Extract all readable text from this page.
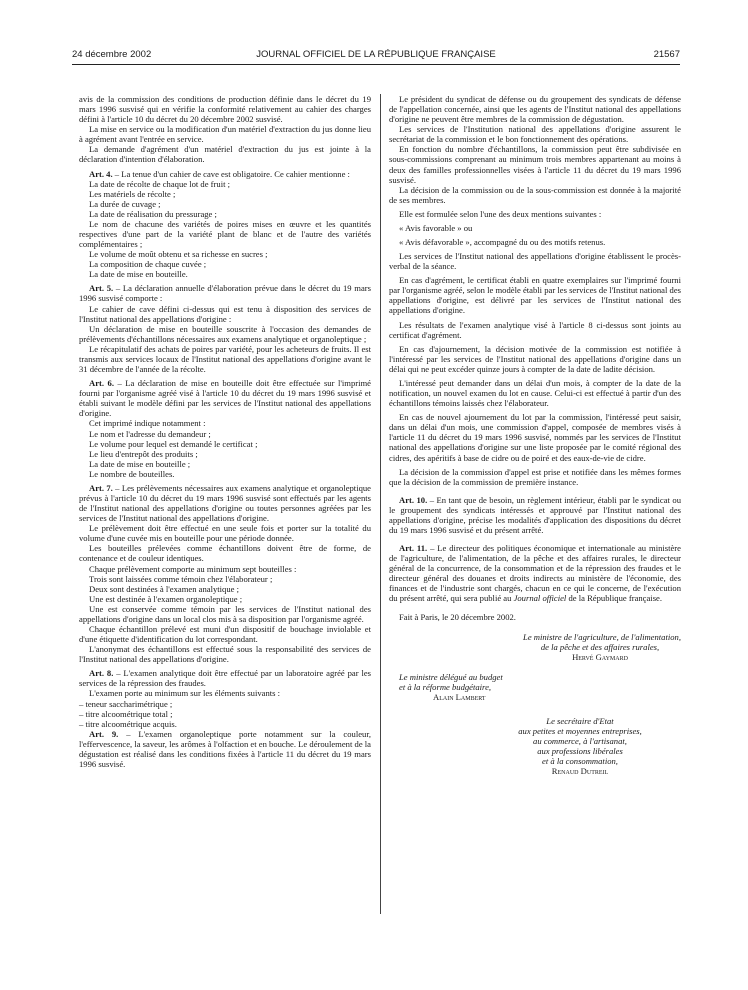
24 décembre 2002	JOURNAL OFFICIEL DE LA RÉPUBLIQUE FRANÇAISE	21567

avis de la commission des conditions de production définie dans le décret du 19 mars 1996 susvisé qui en vérifie la conformité relativement au cahier des charges défini à l'article 10 du décret du 20 décembre 2002 susvisé.

La mise en service ou la modification d'un matériel d'extraction du jus donne lieu à agrément avant l'entrée en service.

La demande d'agrément d'un matériel d'extraction du jus est jointe à la déclaration d'intention d'élaboration.

Art. 4. – La tenue d'un cahier de cave est obligatoire. Ce cahier mentionne :

La date de récolte de chaque lot de fruit ;

Les matériels de récolte ;

La durée de cuvage ;

La date de réalisation du pressurage ;

Le nom de chacune des variétés de poires mises en œuvre et les quantités respectives d'une part de la variété plant de blanc et de l'autre des variétés complémentaires ;

Le volume de moût obtenu et sa richesse en sucres ;

La composition de chaque cuvée ;

La date de mise en bouteille.

Art. 5. – La déclaration annuelle d'élaboration prévue dans le décret du 19 mars 1996 susvisé comporte :

Le cahier de cave défini ci-dessus qui est tenu à disposition des services de l'Institut national des appellations d'origine :

Un déclaration de mise en bouteille souscrite à l'occasion des demandes de prélèvements d'échantillons nécessaires aux examens analytique et organoleptique ;

Le récapitulatif des achats de poires par variété, pour les acheteurs de fruits. Il est transmis aux services locaux de l'Institut national des appellations d'origine avant le 31 décembre de l'année de la récolte.

Art. 6. – La déclaration de mise en bouteille doit être effectuée sur l'imprimé fourni par l'organisme agréé visé à l'article 10 du décret du 19 mars 1996 susvisé et établi suivant le modèle défini par les services de l'Institut national des appellations d'origine.

Cet imprimé indique notamment :

Le nom et l'adresse du demandeur ;

Le volume pour lequel est demandé le certificat ;

Le lieu d'entrepôt des produits ;

La date de mise en bouteille ;

Le nombre de bouteilles.

Art. 7. – Les prélèvements nécessaires aux examens analytique et organoleptique prévus à l'article 10 du décret du 19 mars 1996 susvisé sont effectués par les agents de l'Institut national des appellations d'origine ou toutes personnes agréées par les services de l'Institut national des appellations d'origine.

Le prélèvement doit être effectué en une seule fois et porter sur la totalité du volume d'une cuvée mis en bouteille pour une période donnée.

Les bouteilles prélevées comme échantillons doivent être de forme, de contenance et de couleur identiques.

Chaque prélèvement comporte au minimum sept bouteilles :

Trois sont laissées comme témoin chez l'élaborateur ;

Deux sont destinées à l'examen analytique ;

Une est destinée à l'examen organoleptique ;

Une est conservée comme témoin par les services de l'Institut national des appellations d'origine dans un local clos mis à sa disposition par l'organisme agréé.

Chaque échantillon prélevé est muni d'un dispositif de bouchage inviolable et d'une étiquette d'identification du lot correspondant.

L'anonymat des échantillons est effectué sous la responsabilité des services de l'Institut national des appellations d'origine.

Art. 8. – L'examen analytique doit être effectué par un laboratoire agréé par les services de la répression des fraudes.

L'examen porte au minimum sur les éléments suivants :

– teneur saccharimétrique ;

– titre alcoométrique total ;

– titre alcoométrique acquis.

Art. 9. – L'examen organoleptique porte notamment sur la couleur, l'effervescence, la saveur, les arômes à l'olfaction et en bouche. Le déroulement de la dégustation est réalisé dans les conditions fixées à l'article 11 du décret du 19 mars 1996 susvisé.

Le président du syndicat de défense ou du groupement des syndicats de défense de l'appellation concernée, ainsi que les agents de l'Institut national des appellations d'origine ne peuvent être membres de la commission de dégustation.

Les services de l'Institution national des appellations d'origine assurent le secrétariat de la commission et le bon fonctionnement des opérations.

En fonction du nombre d'échantillons, la commission peut être subdivisée en sous-commissions comprenant au minimum trois membres appartenant au moins à deux des familles professionnelles visées à l'article 11 du décret du 19 mars 1996 susvisé.

La décision de la commission ou de la sous-commission est donnée à la majorité de ses membres.

Elle est formulée selon l'une des deux mentions suivantes :

« Avis favorable » ou

« Avis défavorable », accompagné du ou des motifs retenus.

Les services de l'Institut national des appellations d'origine établissent le procès-verbal de la séance.

En cas d'agrément, le certificat établi en quatre exemplaires sur l'imprimé fourni par l'organisme agréé, selon le modèle établi par les services de l'Institut national des appellations d'origine, est délivré par les services de l'Institut national des appellations d'origine.

Les résultats de l'examen analytique visé à l'article 8 ci-dessus sont joints au certificat d'agrément.

En cas d'ajournement, la décision motivée de la commission est notifiée à l'intéressé par les services de l'Institut national des appellations d'origine dans un délai qui ne peut excéder quinze jours à compter de la date de ladite décision.

L'intéressé peut demander dans un délai d'un mois, à compter de la date de la notification, un nouvel examen du lot en cause. Celui-ci est effectué à partir d'un des échantillons témoins laissés chez l'élaborateur.

En cas de nouvel ajournement du lot par la commission, l'intéressé peut saisir, dans un délai d'un mois, une commission d'appel, composée de membres visés à l'article 11 du décret du 19 mars 1996 susvisé, nommés par les services de l'Institut national des appellations d'origine sur une liste proposée par le comité régional des cidres, des apéritifs à base de cidre ou de poiré et des eaux-de-vie de cidre.

La décision de la commission d'appel est prise et notifiée dans les mêmes formes que la décision de la commission de première instance.

Art. 10. – En tant que de besoin, un règlement intérieur, établi par le syndicat ou le groupement des syndicats intéressés et approuvé par l'Institut national des appellations d'origine, précise les modalités d'application des dispositions du décret du 19 mars 1996 susvisé et du présent arrêté.

Art. 11. – Le directeur des politiques économique et internationale au ministère de l'agriculture, de l'alimentation, de la pêche et des affaires rurales, le directeur général de la concurrence, de la consommation et de la répression des fraudes et le directeur général des douanes et droits indirects au ministère de l'économie, des finances et de l'industrie sont chargés, chacun en ce qui le concerne, de l'exécution du présent arrêté, qui sera publié au Journal officiel de la République française.

Fait à Paris, le 20 décembre 2002.

Le ministre de l'agriculture, de l'alimentation,

de la pêche et des affaires rurales,

Hervé Gaymard

Le ministre délégué au budget

et à la réforme budgétaire,

Alain Lambert

Le secrétaire d'Etat

aux petites et moyennes entreprises,

au commerce, à l'artisanat,

aux professions libérales

et à la consommation,

Renaud Dutreil
